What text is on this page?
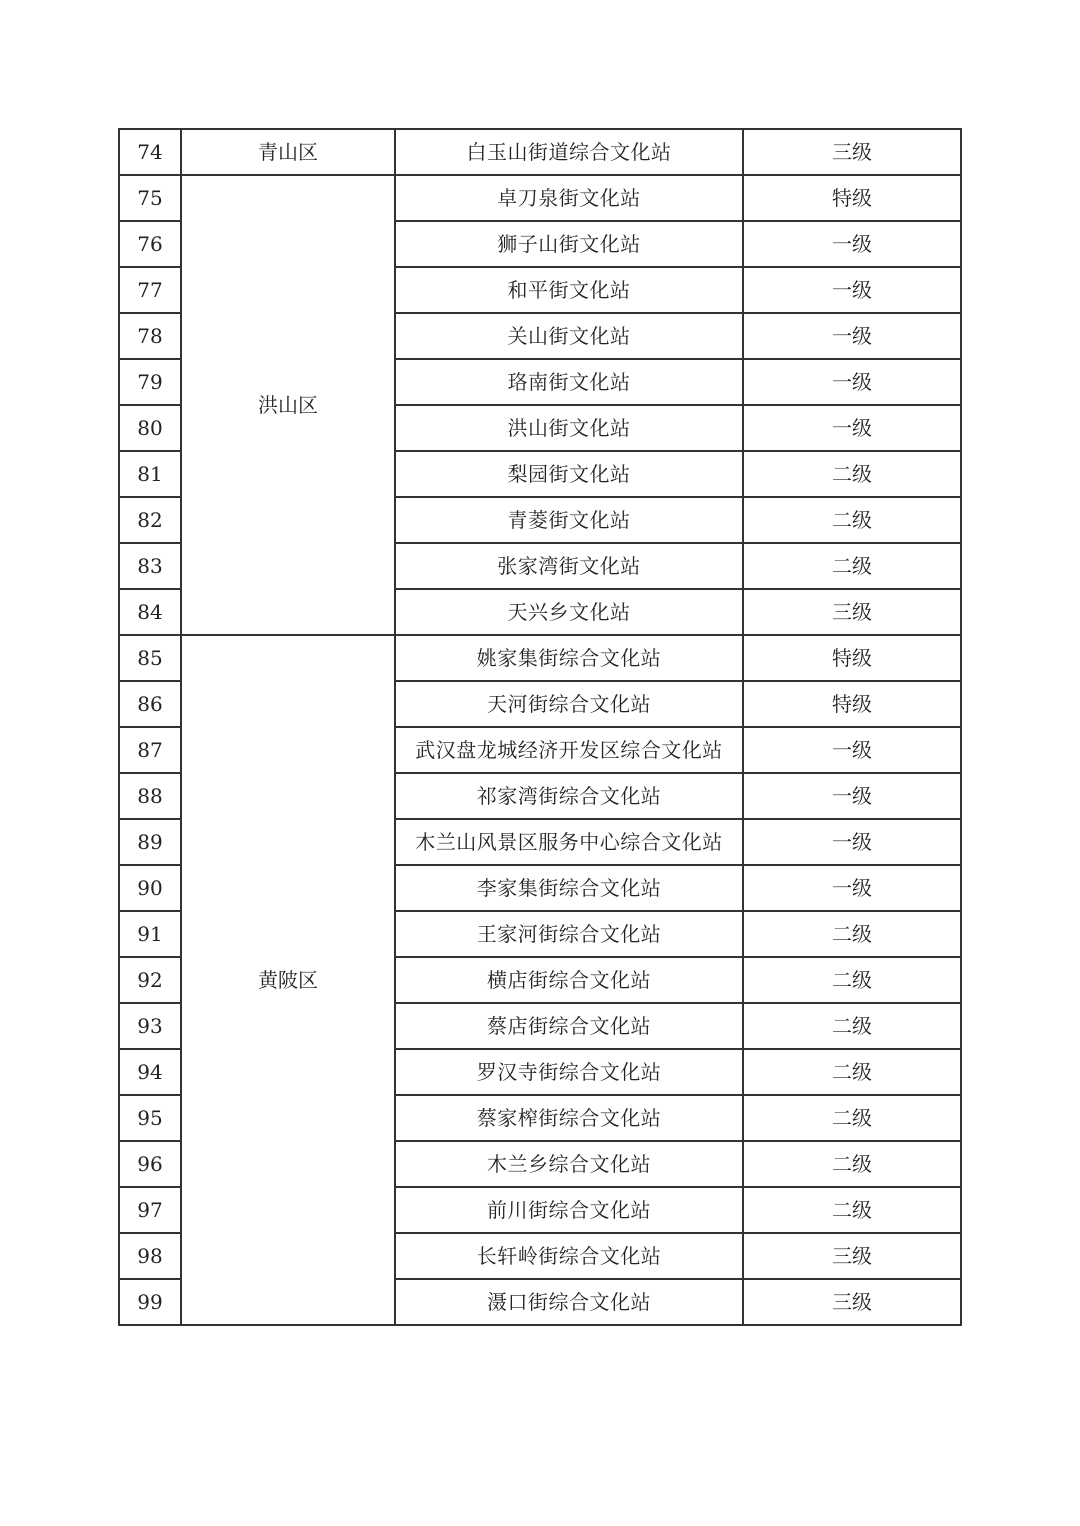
74	青山区	白玉山街道综合文化站	三级
75	洪山区	卓刀泉街文化站	特级
76		狮子山街文化站	一级
77		和平街文化站	一级
78		关山街文化站	一级
79		珞南街文化站	一级
80		洪山街文化站	一级
81		梨园街文化站	二级
82		青菱街文化站	二级
83		张家湾街文化站	二级
84		天兴乡文化站	三级
85	黄陂区	姚家集街综合文化站	特级
86		天河街综合文化站	特级
87		武汉盘龙城经济开发区综合文化站	一级
88		祁家湾街综合文化站	一级
89		木兰山风景区服务中心综合文化站	一级
90		李家集街综合文化站	一级
91		王家河街综合文化站	二级
92		横店街综合文化站	二级
93		蔡店街综合文化站	二级
94		罗汉寺街综合文化站	二级
95		蔡家榨街综合文化站	二级
96		木兰乡综合文化站	二级
97		前川街综合文化站	二级
98		长轩岭街综合文化站	三级
99		滠口街综合文化站	三级
